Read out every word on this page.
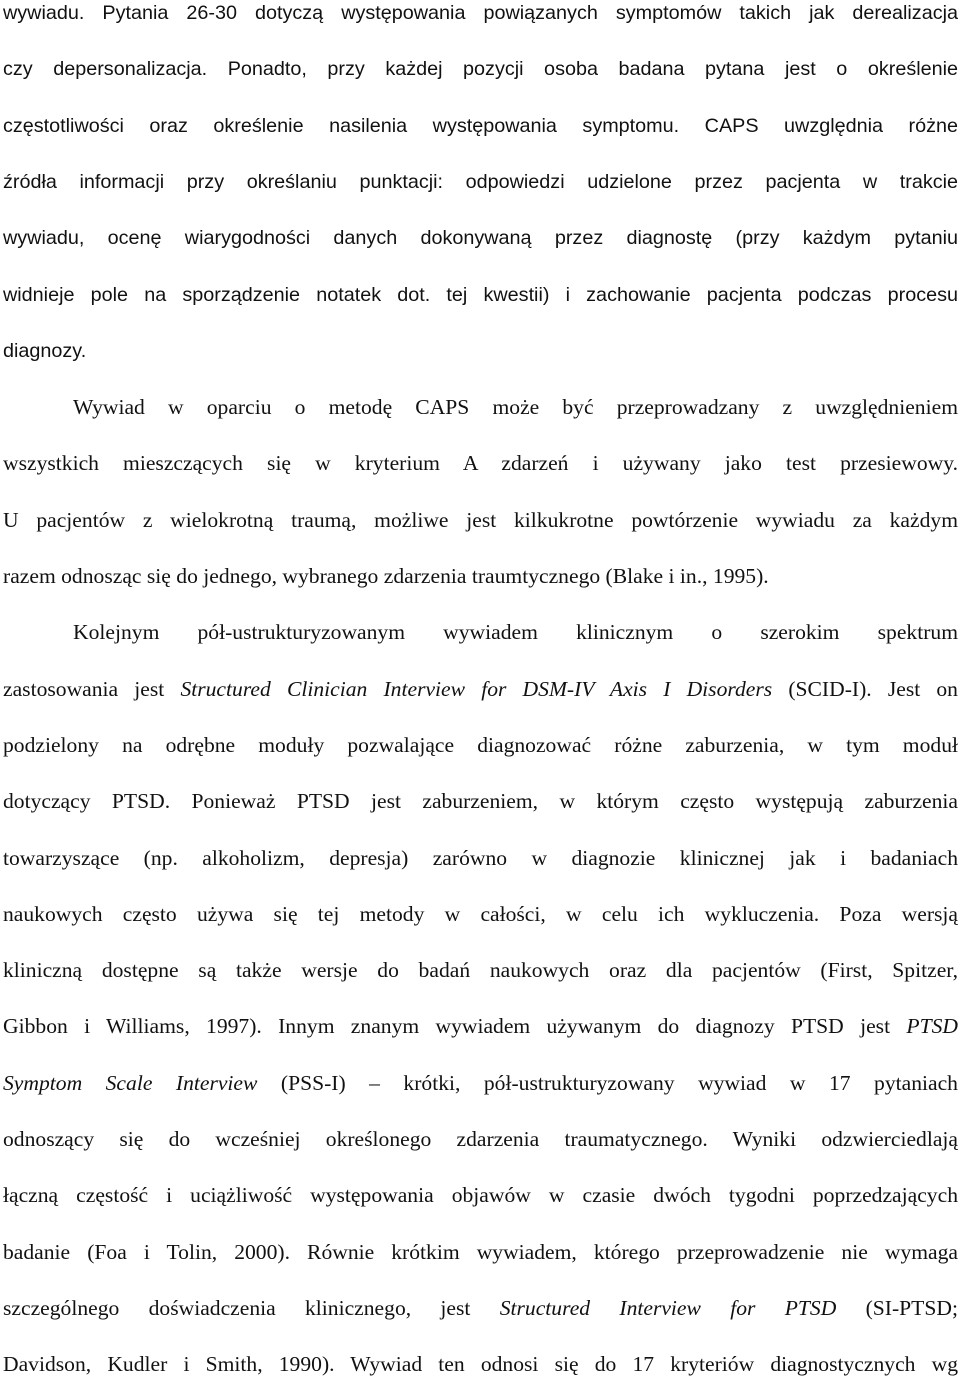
wywiadu. Pytania 26-30 dotyczą występowania powiązanych symptomów takich jak derealizacja
czy depersonalizacja. Ponadto, przy każdej pozycji osoba badana pytana jest o określenie
częstotliwości oraz określenie nasilenia występowania symptomu. CAPS uwzględnia różne
źródła informacji przy określaniu punktacji: odpowiedzi udzielone przez pacjenta w trakcie
wywiadu, ocenę wiarygodności danych dokonywaną przez diagnostę (przy każdym pytaniu
widnieje pole na sporządzenie notatek dot. tej kwestii) i zachowanie pacjenta podczas procesu
diagnozy.
Wywiad w oparciu o metodę CAPS może być przeprowadzany z uwzględnieniem
wszystkich mieszczących się w kryterium A zdarzeń i używany jako test przesiewowy.
U pacjentów z wielokrotną traumą, możliwe jest kilkukrotne powtórzenie wywiadu za każdym
razem odnosząc się do jednego, wybranego zdarzenia traumtycznego (Blake i in., 1995).
Kolejnym pół-ustrukturyzowanym wywiadem klinicznym o szerokim spektrum
zastosowania jest Structured Clinician Interview for DSM-IV Axis I Disorders (SCID-I). Jest on
podzielony na odrębne moduły pozwalające diagnozować różne zaburzenia, w tym moduł
dotyczący PTSD. Ponieważ PTSD jest zaburzeniem, w którym często występują zaburzenia
towarzyszące (np. alkoholizm, depresja) zarówno w diagnozie klinicznej jak i badaniach
naukowych często używa się tej metody w całości, w celu ich wykluczenia. Poza wersją
kliniczną dostępne są także wersje do badań naukowych oraz dla pacjentów (First, Spitzer,
Gibbon i Williams, 1997). Innym znanym wywiadem używanym do diagnozy PTSD jest PTSD
Symptom Scale Interview (PSS-I) – krótki, pół-ustrukturyzowany wywiad w 17 pytaniach
odnoszący się do wcześniej określonego zdarzenia traumatycznego. Wyniki odzwierciedlają
łączną częstość i uciążliwość występowania objawów w czasie dwóch tygodni poprzedzających
badanie (Foa i Tolin, 2000). Równie krótkim wywiadem, którego przeprowadzenie nie wymaga
szczególnego doświadczenia klinicznego, jest Structured Interview for PTSD (SI-PTSD;
Davidson, Kudler i Smith, 1990). Wywiad ten odnosi się do 17 kryteriów diagnostycznych wg
